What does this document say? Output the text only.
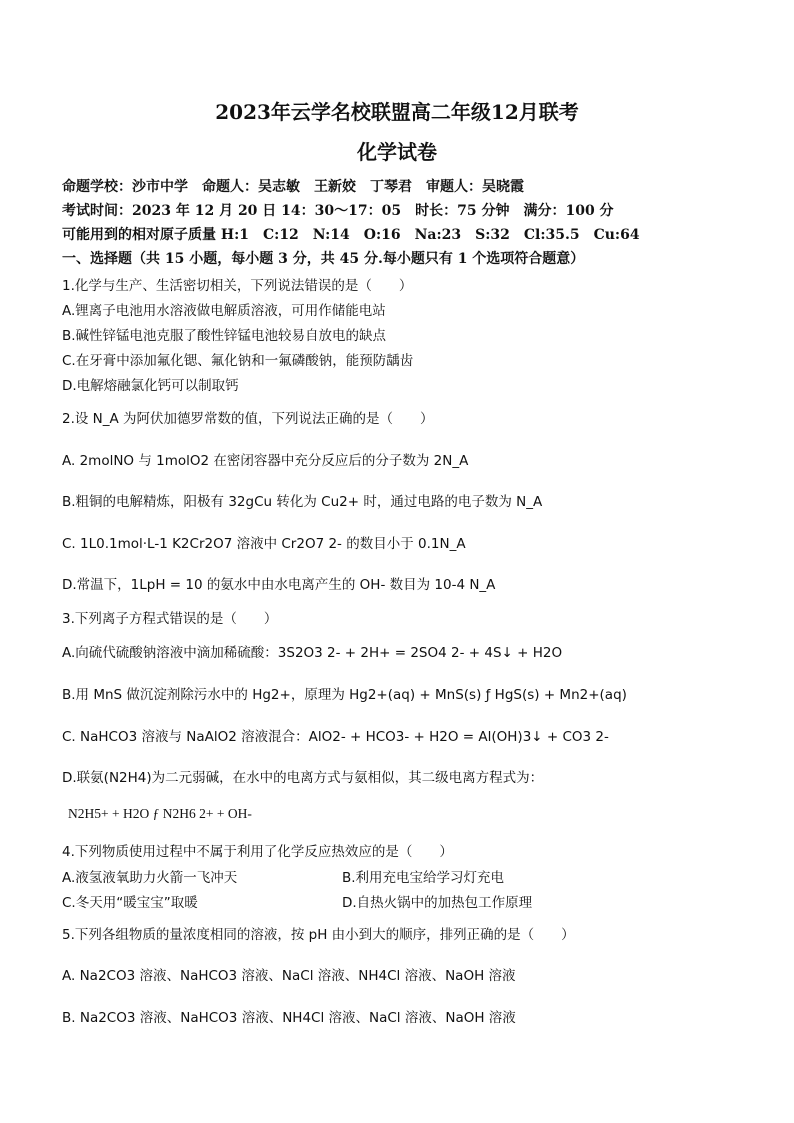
2023年云学名校联盟高二年级12月联考
化学试卷
命题学校：沙市中学　命题人：吴志敏　王新姣　丁琴君　审题人：吴晓霞
考试时间：2023 年 12 月 20 日 14：30～17：05　时长：75 分钟　满分：100 分
可能用到的相对原子质量 H:1　C:12　N:14　O:16　Na:23　S:32　Cl:35.5　Cu:64
一、选择题（共 15 小题，每小题 3 分，共 45 分.每小题只有 1 个选项符合题意）
1.化学与生产、生活密切相关，下列说法错误的是（　　）
A.锂离子电池用水溶液做电解质溶液，可用作储能电站
B.碱性锌锰电池克服了酸性锌锰电池较易自放电的缺点
C.在牙膏中添加氟化锶、氟化钠和一氟磷酸钠，能预防龋齿
D.电解熔融氯化钙可以制取钙
2.设 N_A 为阿伏加德罗常数的值，下列说法正确的是（　　）
A. 2molNO 与 1molO2 在密闭容器中充分反应后的分子数为 2N_A
B.粗铜的电解精炼，阳极有 32gCu 转化为 Cu2+ 时，通过电路的电子数为 N_A
C. 1L0.1mol·L-1 K2Cr2O7 溶液中 Cr2O7 2- 的数目小于 0.1N_A
D.常温下，1LpH = 10 的氨水中由水电离产生的 OH- 数目为 10-4 N_A
3.下列离子方程式错误的是（　　）
A.向硫代硫酸钠溶液中滴加稀硫酸：3S2O3 2- + 2H+ = 2SO4 2- + 4S↓ + H2O
B.用 MnS 做沉淀剂除污水中的 Hg2+，原理为 Hg2+(aq) + MnS(s) ƒ HgS(s) + Mn2+(aq)
C. NaHCO3 溶液与 NaAlO2 溶液混合：AlO2- + HCO3- + H2O = Al(OH)3↓ + CO3 2-
D.联氨(N2H4)为二元弱碱，在水中的电离方式与氨相似，其二级电离方程式为：
N2H5+ + H2O ƒ N2H6 2+ + OH-
4.下列物质使用过程中不属于利用了化学反应热效应的是（　　）
A.液氢液氧助力火箭一飞冲天	B.利用充电宝给学习灯充电
C.冬天用“暖宝宝”取暖	D.自热火锅中的加热包工作原理
5.下列各组物质的量浓度相同的溶液，按 pH 由小到大的顺序，排列正确的是（　　）
A. Na2CO3 溶液、NaHCO3 溶液、NaCl 溶液、NH4Cl 溶液、NaOH 溶液
B. Na2CO3 溶液、NaHCO3 溶液、NH4Cl 溶液、NaCl 溶液、NaOH 溶液
